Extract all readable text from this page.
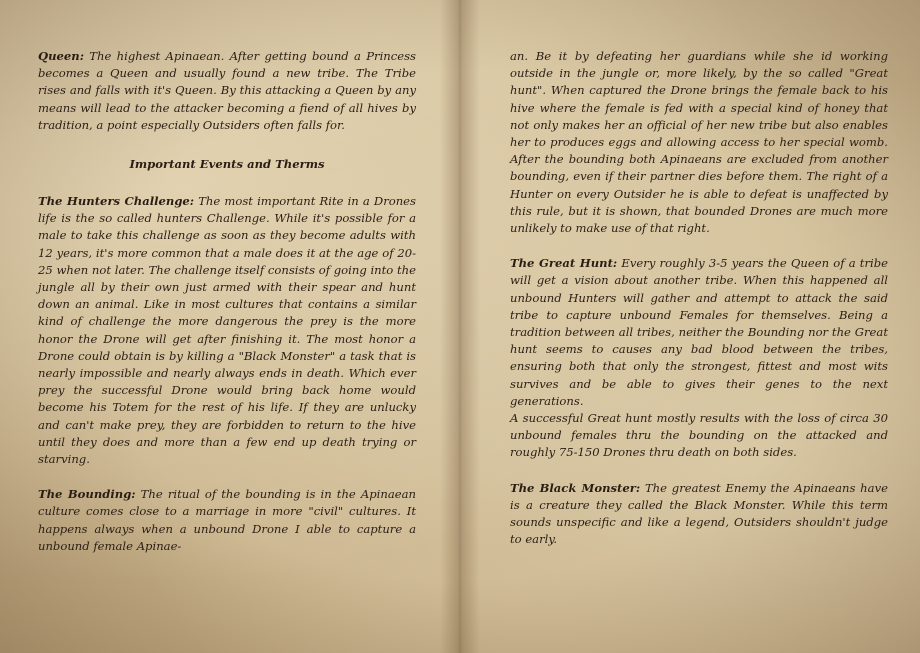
Queen: The highest Apinaean. After getting bound a Princess becomes a Queen and usually found a new tribe. The Tribe rises and falls with it's Queen. By this attacking a Queen by any means will lead to the attacker becoming a fiend of all hives by tradition, a point especially Outsiders often falls for.

Important Events and Therms

The Hunters Challenge: The most important Rite in a Drones life is the so called hunters Challenge. While it's possible for a male to take this challenge as soon as they become adults with 12 years, it's more common that a male does it at the age of 20-25 when not later. The challenge itself consists of going into the jungle all by their own just armed with their spear and hunt down an animal. Like in most cultures that contains a similar kind of challenge the more dangerous the prey is the more honor the Drone will get after finishing it. The most honor a Drone could obtain is by killing a "Black Monster" a task that is nearly impossible and nearly always ends in death. Which ever prey the successful Drone would bring back home would become his Totem for the rest of his life. If they are unlucky and can't make prey, they are forbidden to return to the hive until they does and more than a few end up death trying or starving.

The Bounding: The ritual of the bounding is in the Apinaean culture comes close to a marriage in more "civil" cultures. It happens always when a unbound Drone I able to capture a unbound female Apinae-

an. Be it by defeating her guardians while she id working outside in the jungle or, more likely, by the so called "Great hunt". When captured the Drone brings the female back to his hive where the female is fed with a special kind of honey that not only makes her an official of her new tribe but also enables her to produces eggs and allowing access to her special womb. After the bounding both Apinaeans are excluded from another bounding, even if their partner dies before them. The right of a Hunter on every Outsider he is able to defeat is unaffected by this rule, but it is shown, that bounded Drones are much more unlikely to make use of that right.

The Great Hunt: Every roughly 3-5 years the Queen of a tribe will get a vision about another tribe. When this happened all unbound Hunters will gather and attempt to attack the said tribe to capture unbound Females for themselves. Being a tradition between all tribes, neither the Bounding nor the Great hunt seems to causes any bad blood between the tribes, ensuring both that only the strongest, fittest and most wits survives and be able to gives their genes to the next generations.

A successful Great hunt mostly results with the loss of circa 30 unbound females thru the bounding on the attacked and roughly 75-150 Drones thru death on both sides.

The Black Monster: The greatest Enemy the Apinaeans have is a creature they called the Black Monster. While this term sounds unspecific and like a legend, Outsiders shouldn't judge to early.
